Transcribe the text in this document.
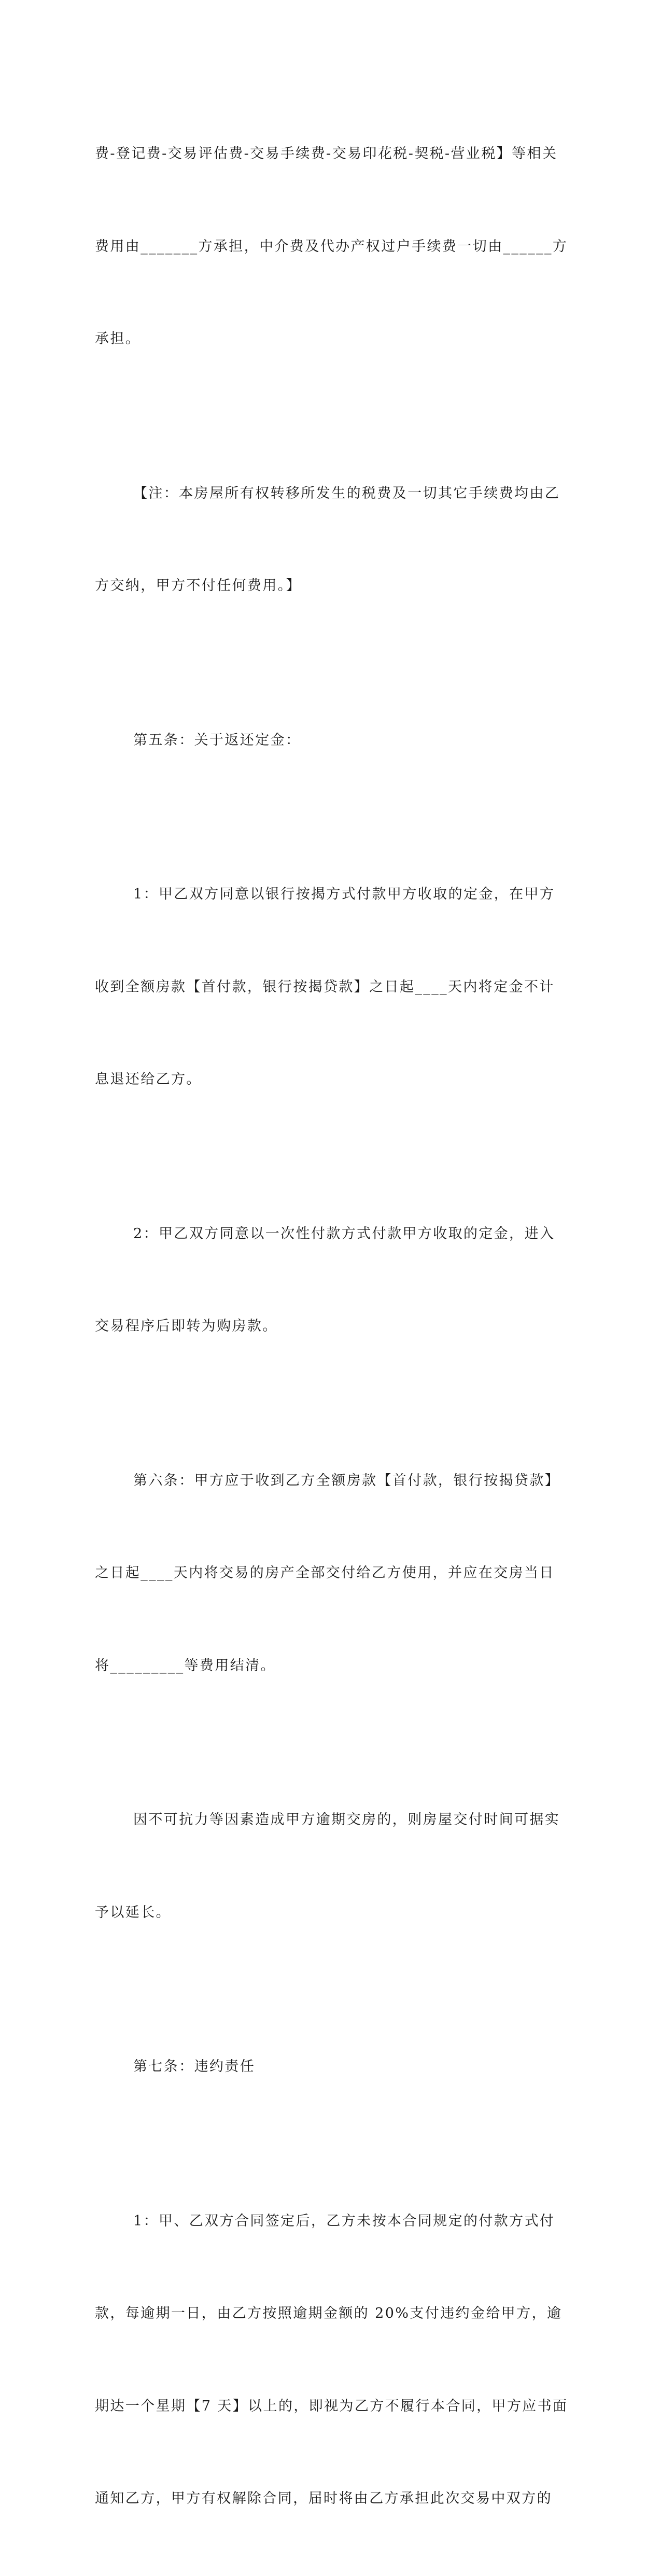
费-登记费-交易评估费-交易手续费-交易印花税-契税-营业税】等相关

费用由_______方承担，中介费及代办产权过户手续费一切由______方

承担。

【注：本房屋所有权转移所发生的税费及一切其它手续费均由乙

方交纳，甲方不付任何费用。】

第五条：关于返还定金：

1：甲乙双方同意以银行按揭方式付款甲方收取的定金，在甲方

收到全额房款【首付款，银行按揭贷款】之日起____天内将定金不计

息退还给乙方。

2：甲乙双方同意以一次性付款方式付款甲方收取的定金，进入

交易程序后即转为购房款。

第六条：甲方应于收到乙方全额房款【首付款，银行按揭贷款】

之日起____天内将交易的房产全部交付给乙方使用，并应在交房当日

将_________等费用结清。

因不可抗力等因素造成甲方逾期交房的，则房屋交付时间可据实

予以延长。

第七条：违约责任

1：甲、乙双方合同签定后，乙方未按本合同规定的付款方式付

款，每逾期一日，由乙方按照逾期金额的 20%支付违约金给甲方，逾

期达一个星期【7 天】以上的，即视为乙方不履行本合同，甲方应书面

通知乙方，甲方有权解除合同，届时将由乙方承担此次交易中双方的
